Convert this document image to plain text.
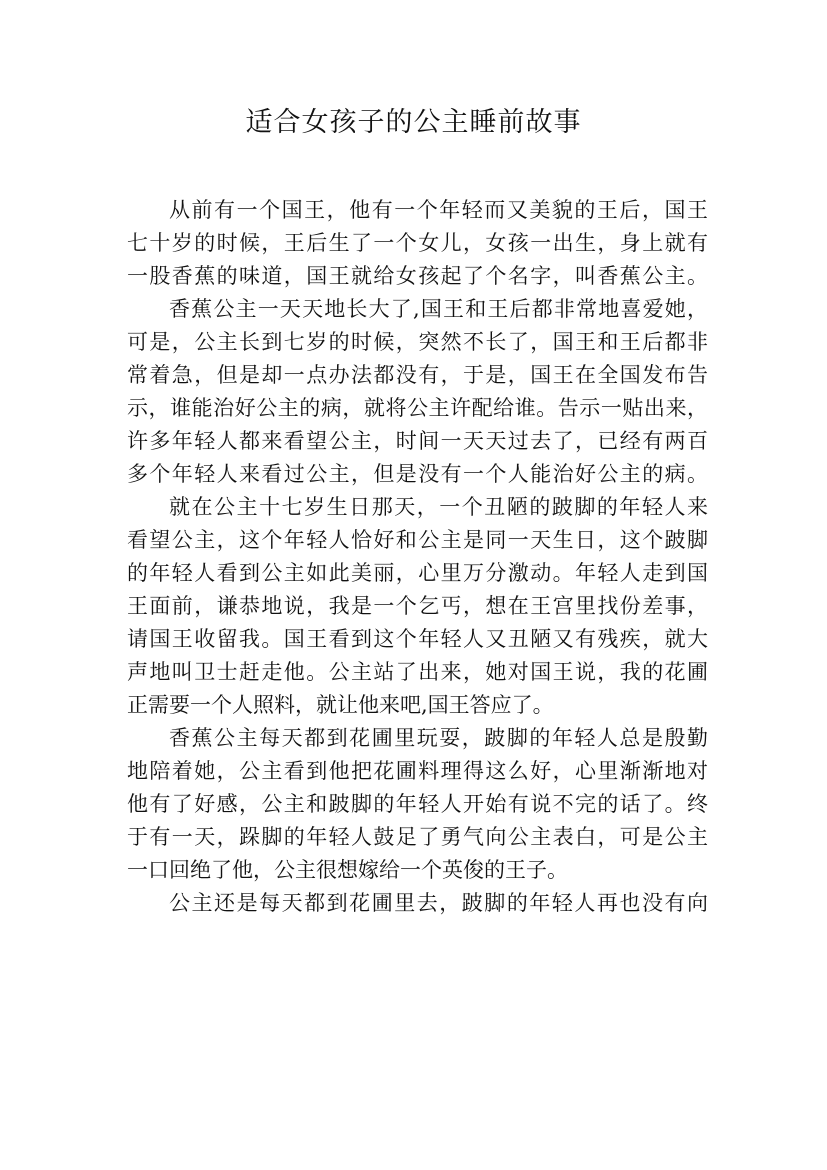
适合女孩子的公主睡前故事
从前有一个国王，他有一个年轻而又美貌的王后，国王
七十岁的时候，王后生了一个女儿，女孩一出生，身上就有
一股香蕉的味道，国王就给女孩起了个名字，叫香蕉公主。
香蕉公主一天天地长大了,国王和王后都非常地喜爱她，
可是，公主长到七岁的时候，突然不长了，国王和王后都非
常着急，但是却一点办法都没有，于是，国王在全国发布告
示，谁能治好公主的病，就将公主许配给谁。告示一贴出来，
许多年轻人都来看望公主，时间一天天过去了，已经有两百
多个年轻人来看过公主，但是没有一个人能治好公主的病。
就在公主十七岁生日那天，一个丑陋的跛脚的年轻人来
看望公主，这个年轻人恰好和公主是同一天生日，这个跛脚
的年轻人看到公主如此美丽，心里万分激动。年轻人走到国
王面前，谦恭地说，我是一个乞丐，想在王宫里找份差事，
请国王收留我。国王看到这个年轻人又丑陋又有残疾，就大
声地叫卫士赶走他。公主站了出来，她对国王说，我的花圃
正需要一个人照料，就让他来吧,国王答应了。
香蕉公主每天都到花圃里玩耍，跛脚的年轻人总是殷勤
地陪着她，公主看到他把花圃料理得这么好，心里渐渐地对
他有了好感，公主和跛脚的年轻人开始有说不完的话了。终
于有一天，跺脚的年轻人鼓足了勇气向公主表白，可是公主
一口回绝了他，公主很想嫁给一个英俊的王子。
公主还是每天都到花圃里去，跛脚的年轻人再也没有向
